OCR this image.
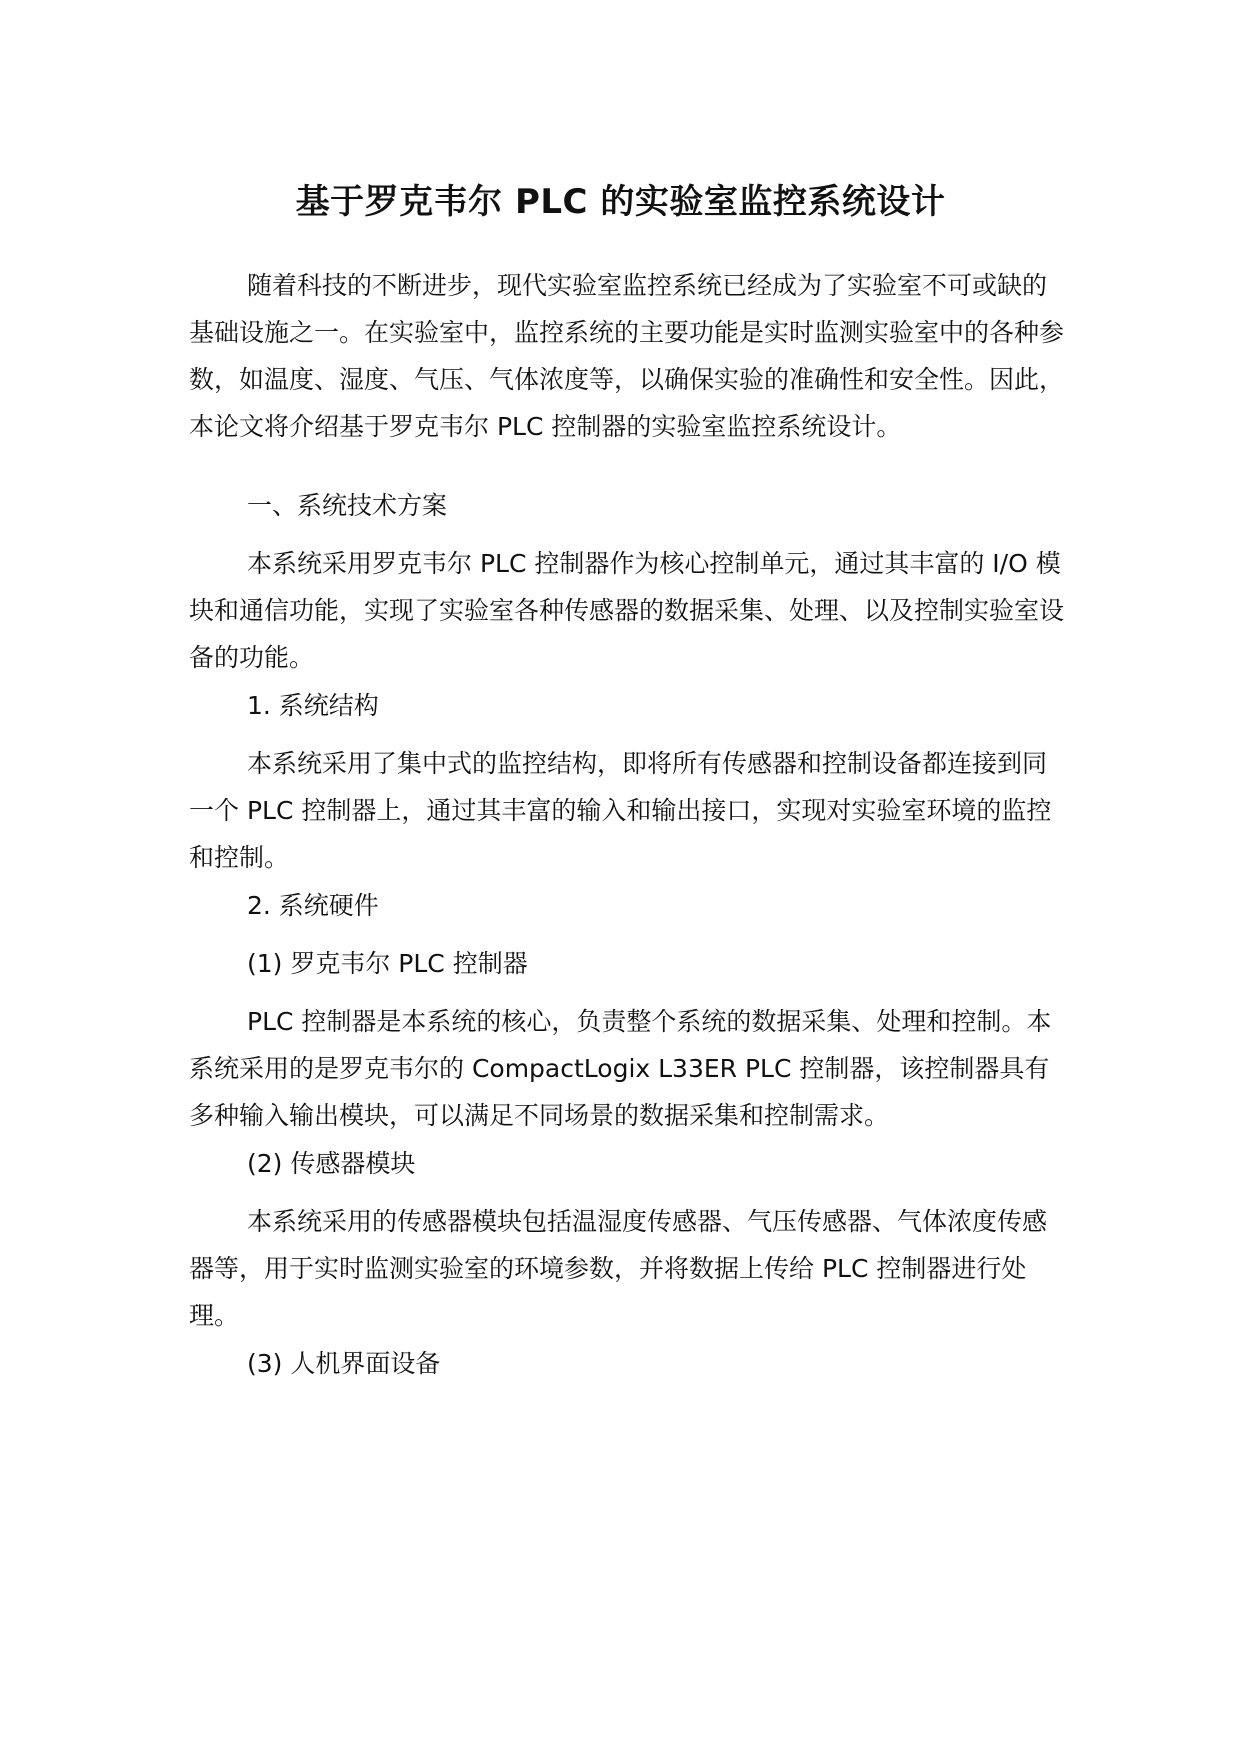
基于罗克韦尔 PLC 的实验室监控系统设计

随着科技的不断进步，现代实验室监控系统已经成为了实验室不可或缺的基础设施之一。在实验室中，监控系统的主要功能是实时监测实验室中的各种参数，如温度、湿度、气压、气体浓度等，以确保实验的准确性和安全性。因此，本论文将介绍基于罗克韦尔 PLC 控制器的实验室监控系统设计。

一、系统技术方案

本系统采用罗克韦尔 PLC 控制器作为核心控制单元，通过其丰富的 I/O 模块和通信功能，实现了实验室各种传感器的数据采集、处理、以及控制实验室设备的功能。

1. 系统结构

本系统采用了集中式的监控结构，即将所有传感器和控制设备都连接到同一个 PLC 控制器上，通过其丰富的输入和输出接口，实现对实验室环境的监控和控制。

2. 系统硬件
(1) 罗克韦尔 PLC 控制器

PLC 控制器是本系统的核心，负责整个系统的数据采集、处理和控制。本系统采用的是罗克韦尔的 CompactLogix L33ER PLC 控制器，该控制器具有多种输入输出模块，可以满足不同场景的数据采集和控制需求。

(2) 传感器模块

本系统采用的传感器模块包括温湿度传感器、气压传感器、气体浓度传感器等，用于实时监测实验室的环境参数，并将数据上传给 PLC 控制器进行处理。

(3) 人机界面设备
